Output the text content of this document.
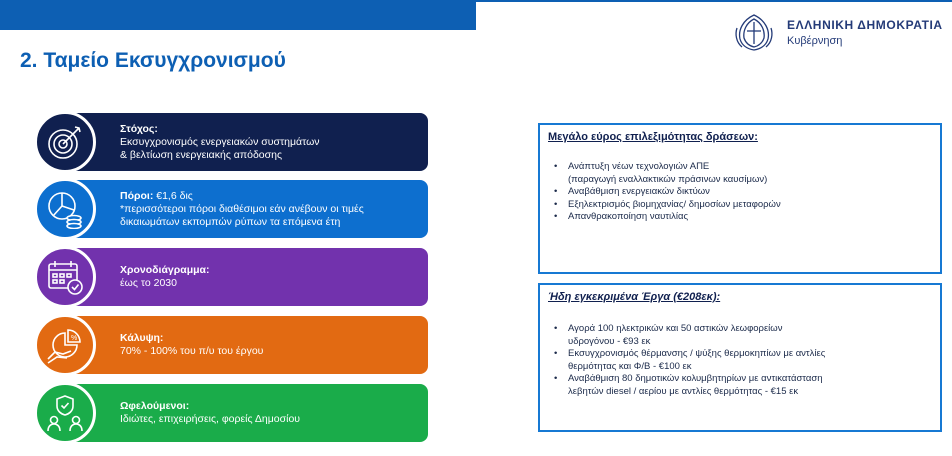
ΕΛΛΗΝΙΚΗ ΔΗΜΟΚΡΑΤΙΑ
Κυβέρνηση
2. Ταμείο Εκσυγχρονισμού
Στόχος:
Εκσυγχρονισμός ενεργειακών συστημάτων
& βελτίωση ενεργειακής απόδοσης
Πόροι: €1,6 δις
*περισσότεροι πόροι διαθέσιμοι εάν ανέβουν οι τιμές
δικαιωμάτων εκπομπών ρύπων τα επόμενα έτη
Χρονοδιάγραμμα:
έως το 2030
%	Κάλυψη:
70% - 100% του π/υ του έργου
Ωφελούμενοι:
Ιδιώτες, επιχειρήσεις, φορείς Δημοσίου
Μεγάλο εύρος επιλεξιμότητας δράσεων:
•	Ανάπτυξη νέων τεχνολογιών ΑΠΕ
(παραγωγή εναλλακτικών πράσινων καυσίμων)
•	Αναβάθμιση ενεργειακών δικτύων
•	Εξηλεκτρισμός βιομηχανίας/ δημοσίων μεταφορών
•	Απανθρακοποίηση ναυτιλίας
Ήδη εγκεκριμένα Έργα (€208εκ):
•	Αγορά 100 ηλεκτρικών και 50 αστικών λεωφορείων
υδρογόνου - €93 εκ
•	Εκσυγχρονισμός θέρμανσης / ψύξης θερμοκηπίων με αντλίες
θερμότητας και Φ/Β - €100 εκ
•	Αναβάθμιση 80 δημοτικών κολυμβητηρίων με αντικατάσταση
λεβητών diesel / αερίου με αντλίες θερμότητας - €15 εκ
